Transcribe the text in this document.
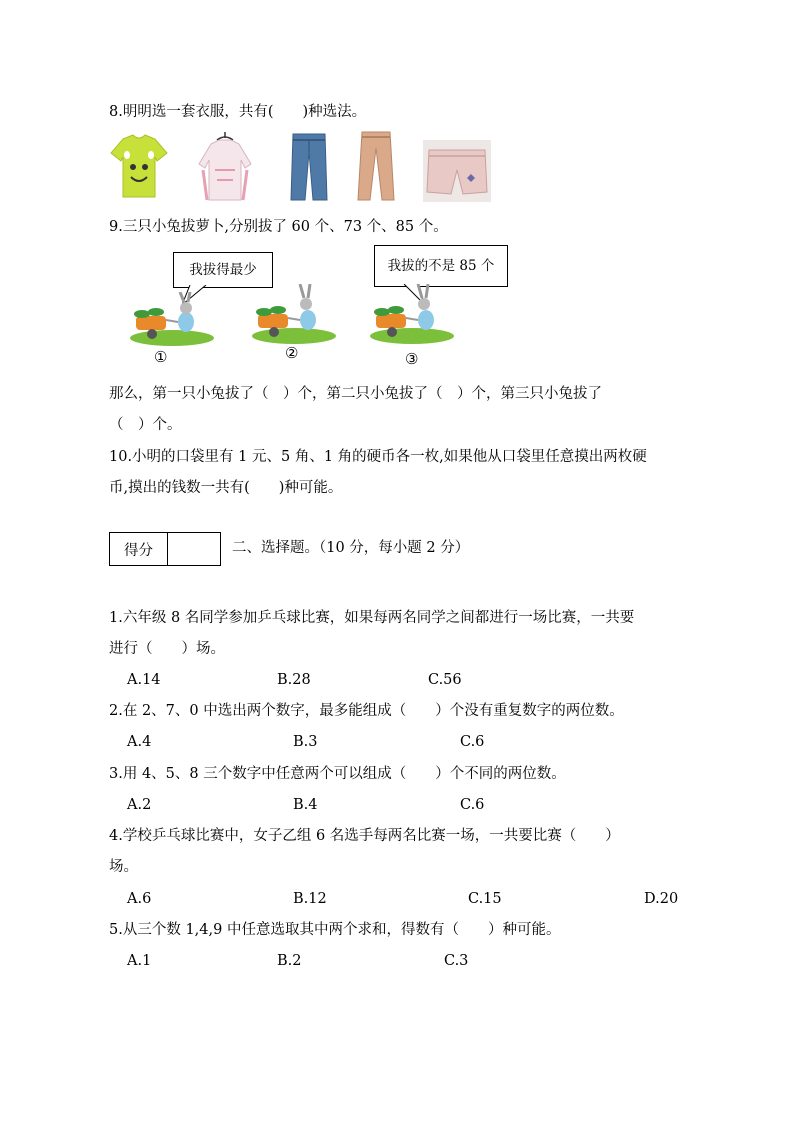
8.明明选一套衣服，共有(　　)种选法。
9.三只小兔拔萝卜,分别拔了 60 个、73 个、85 个。
我拔得最少	我拔的不是 85 个
①	②	③
那么，第一只小兔拔了（　）个，第二只小兔拔了（　）个，第三只小兔拔了
（　）个。
10.小明的口袋里有 1 元、5 角、1 角的硬币各一枚,如果他从口袋里任意摸出两枚硬
币,摸出的钱数一共有(　　)种可能。
得分	二、选择题。（10 分，每小题 2 分）
1.六年级 8 名同学参加乒乓球比赛，如果每两名同学之间都进行一场比赛，一共要
进行（　　）场。
A.14	B.28	C.56
2.在 2、7、0 中选出两个数字，最多能组成（　　）个没有重复数字的两位数。
A.4	B.3	C.6
3.用 4、5、8 三个数字中任意两个可以组成（　　）个不同的两位数。
A.2	B.4	C.6
4.学校乒乓球比赛中，女子乙组 6 名选手每两名比赛一场，一共要比赛（　　）
场。
A.6	B.12	C.15	D.20
5.从三个数 1,4,9 中任意选取其中两个求和，得数有（　　）种可能。
A.1	B.2	C.3
